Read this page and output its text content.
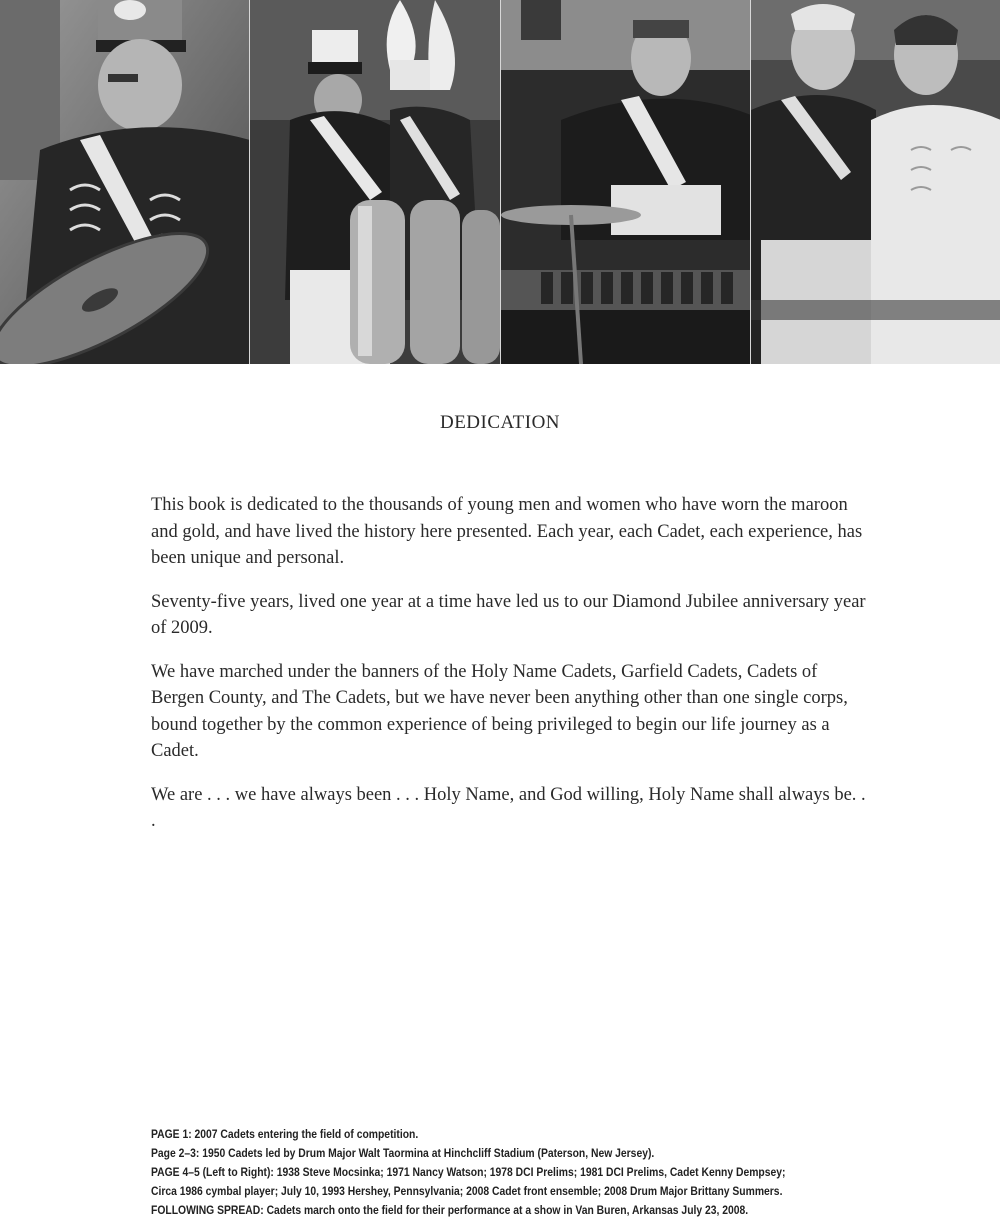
DEDICATION

This book is dedicated to the thousands of young men and women who have worn the maroon and gold, and have lived the history here presented. Each year, each Cadet, each experience, has been unique and personal.

Seventy-five years, lived one year at a time have led us to our Diamond Jubilee anniversary year of 2009.

We have marched under the banners of the Holy Name Cadets, Garfield Cadets, Cadets of Bergen County, and The Cadets, but we have never been anything other than one single corps, bound together by the common experience of being privileged to begin our life journey as a Cadet.

We are . . . we have always been . . . Holy Name, and God willing, Holy Name shall always be. . .

PAGE 1: 2007 Cadets entering the field of competition.
Page 2–3: 1950 Cadets led by Drum Major Walt Taormina at Hinchcliff Stadium (Paterson, New Jersey).
PAGE 4–5 (Left to Right): 1938 Steve Mocsinka; 1971 Nancy Watson; 1978 DCI Prelims; 1981 DCI Prelims, Cadet Kenny Dempsey;
Circa 1986 cymbal player; July 10, 1993 Hershey, Pennsylvania; 2008 Cadet front ensemble; 2008 Drum Major Brittany Summers.
FOLLOWING SPREAD: Cadets march onto the field for their performance at a show in Van Buren, Arkansas July 23, 2008.
